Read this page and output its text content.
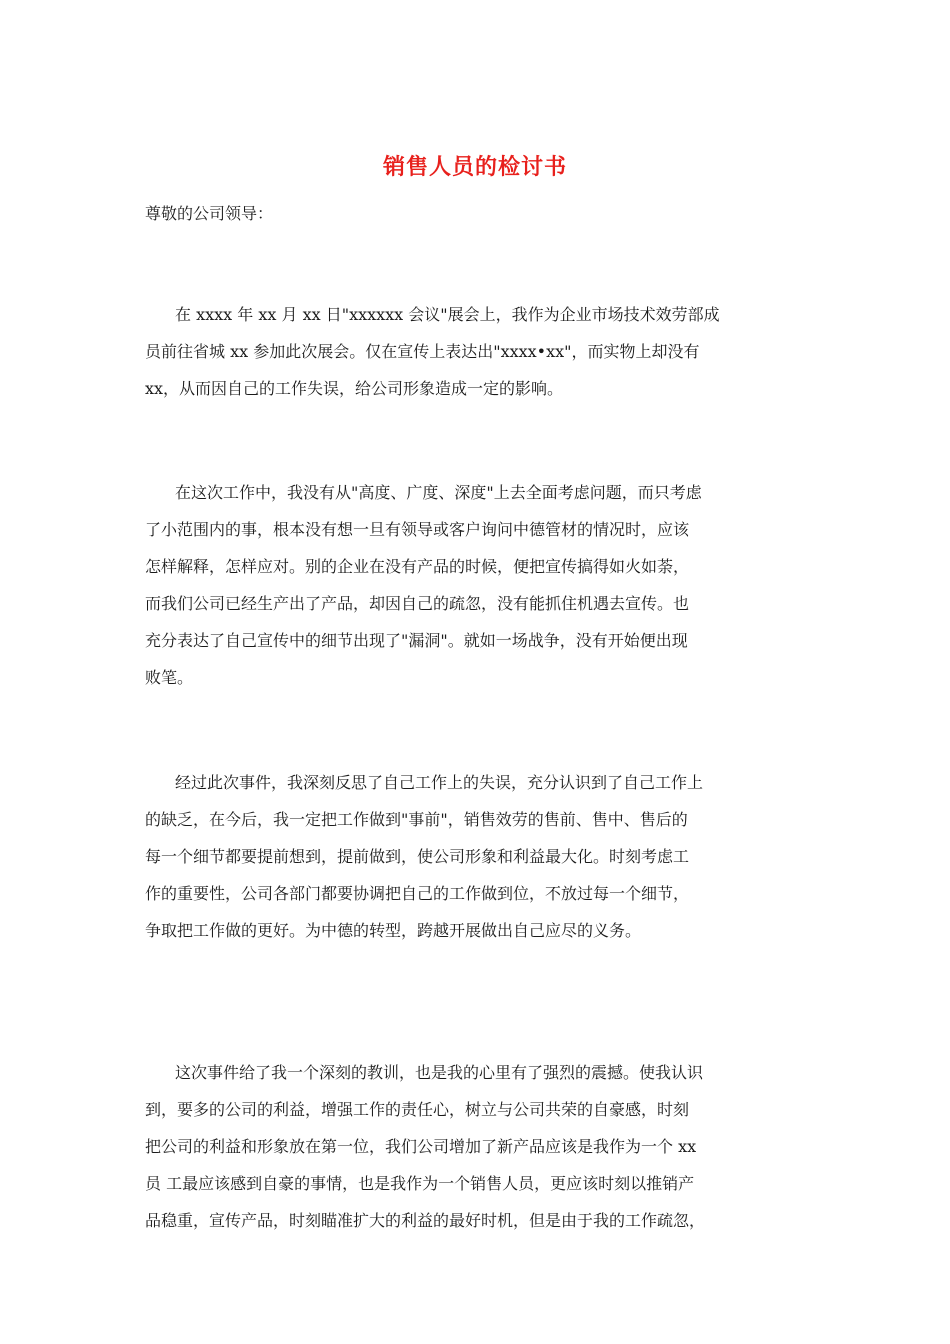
销售人员的检讨书
尊敬的公司领导：
在 xxxx 年 xx 月 xx 日"xxxxxx 会议"展会上，我作为企业市场技术效劳部成
员前往省城 xx 参加此次展会。仅在宣传上表达出"xxxx•xx"，而实物上却没有
xx，从而因自己的工作失误，给公司形象造成一定的影响。
在这次工作中，我没有从"高度、广度、深度"上去全面考虑问题，而只考虑
了小范围内的事，根本没有想一旦有领导或客户询问中德管材的情况时，应该
怎样解释，怎样应对。别的企业在没有产品的时候，便把宣传搞得如火如荼，
而我们公司已经生产出了产品，却因自己的疏忽，没有能抓住机遇去宣传。也
充分表达了自己宣传中的细节出现了"漏洞"。就如一场战争，没有开始便出现
败笔。
经过此次事件，我深刻反思了自己工作上的失误，充分认识到了自己工作上
的缺乏，在今后，我一定把工作做到"事前"，销售效劳的售前、售中、售后的
每一个细节都要提前想到，提前做到，使公司形象和利益最大化。时刻考虑工
作的重要性，公司各部门都要协调把自己的工作做到位，不放过每一个细节，
争取把工作做的更好。为中德的转型，跨越开展做出自己应尽的义务。
这次事件给了我一个深刻的教训，也是我的心里有了强烈的震撼。使我认识
到，要多的公司的利益，增强工作的责任心，树立与公司共荣的自豪感，时刻
把公司的利益和形象放在第一位，我们公司增加了新产品应该是我作为一个 xx
员 工最应该感到自豪的事情，也是我作为一个销售人员，更应该时刻以推销产
品稳重，宣传产品，时刻瞄准扩大的利益的最好时机，但是由于我的工作疏忽，
